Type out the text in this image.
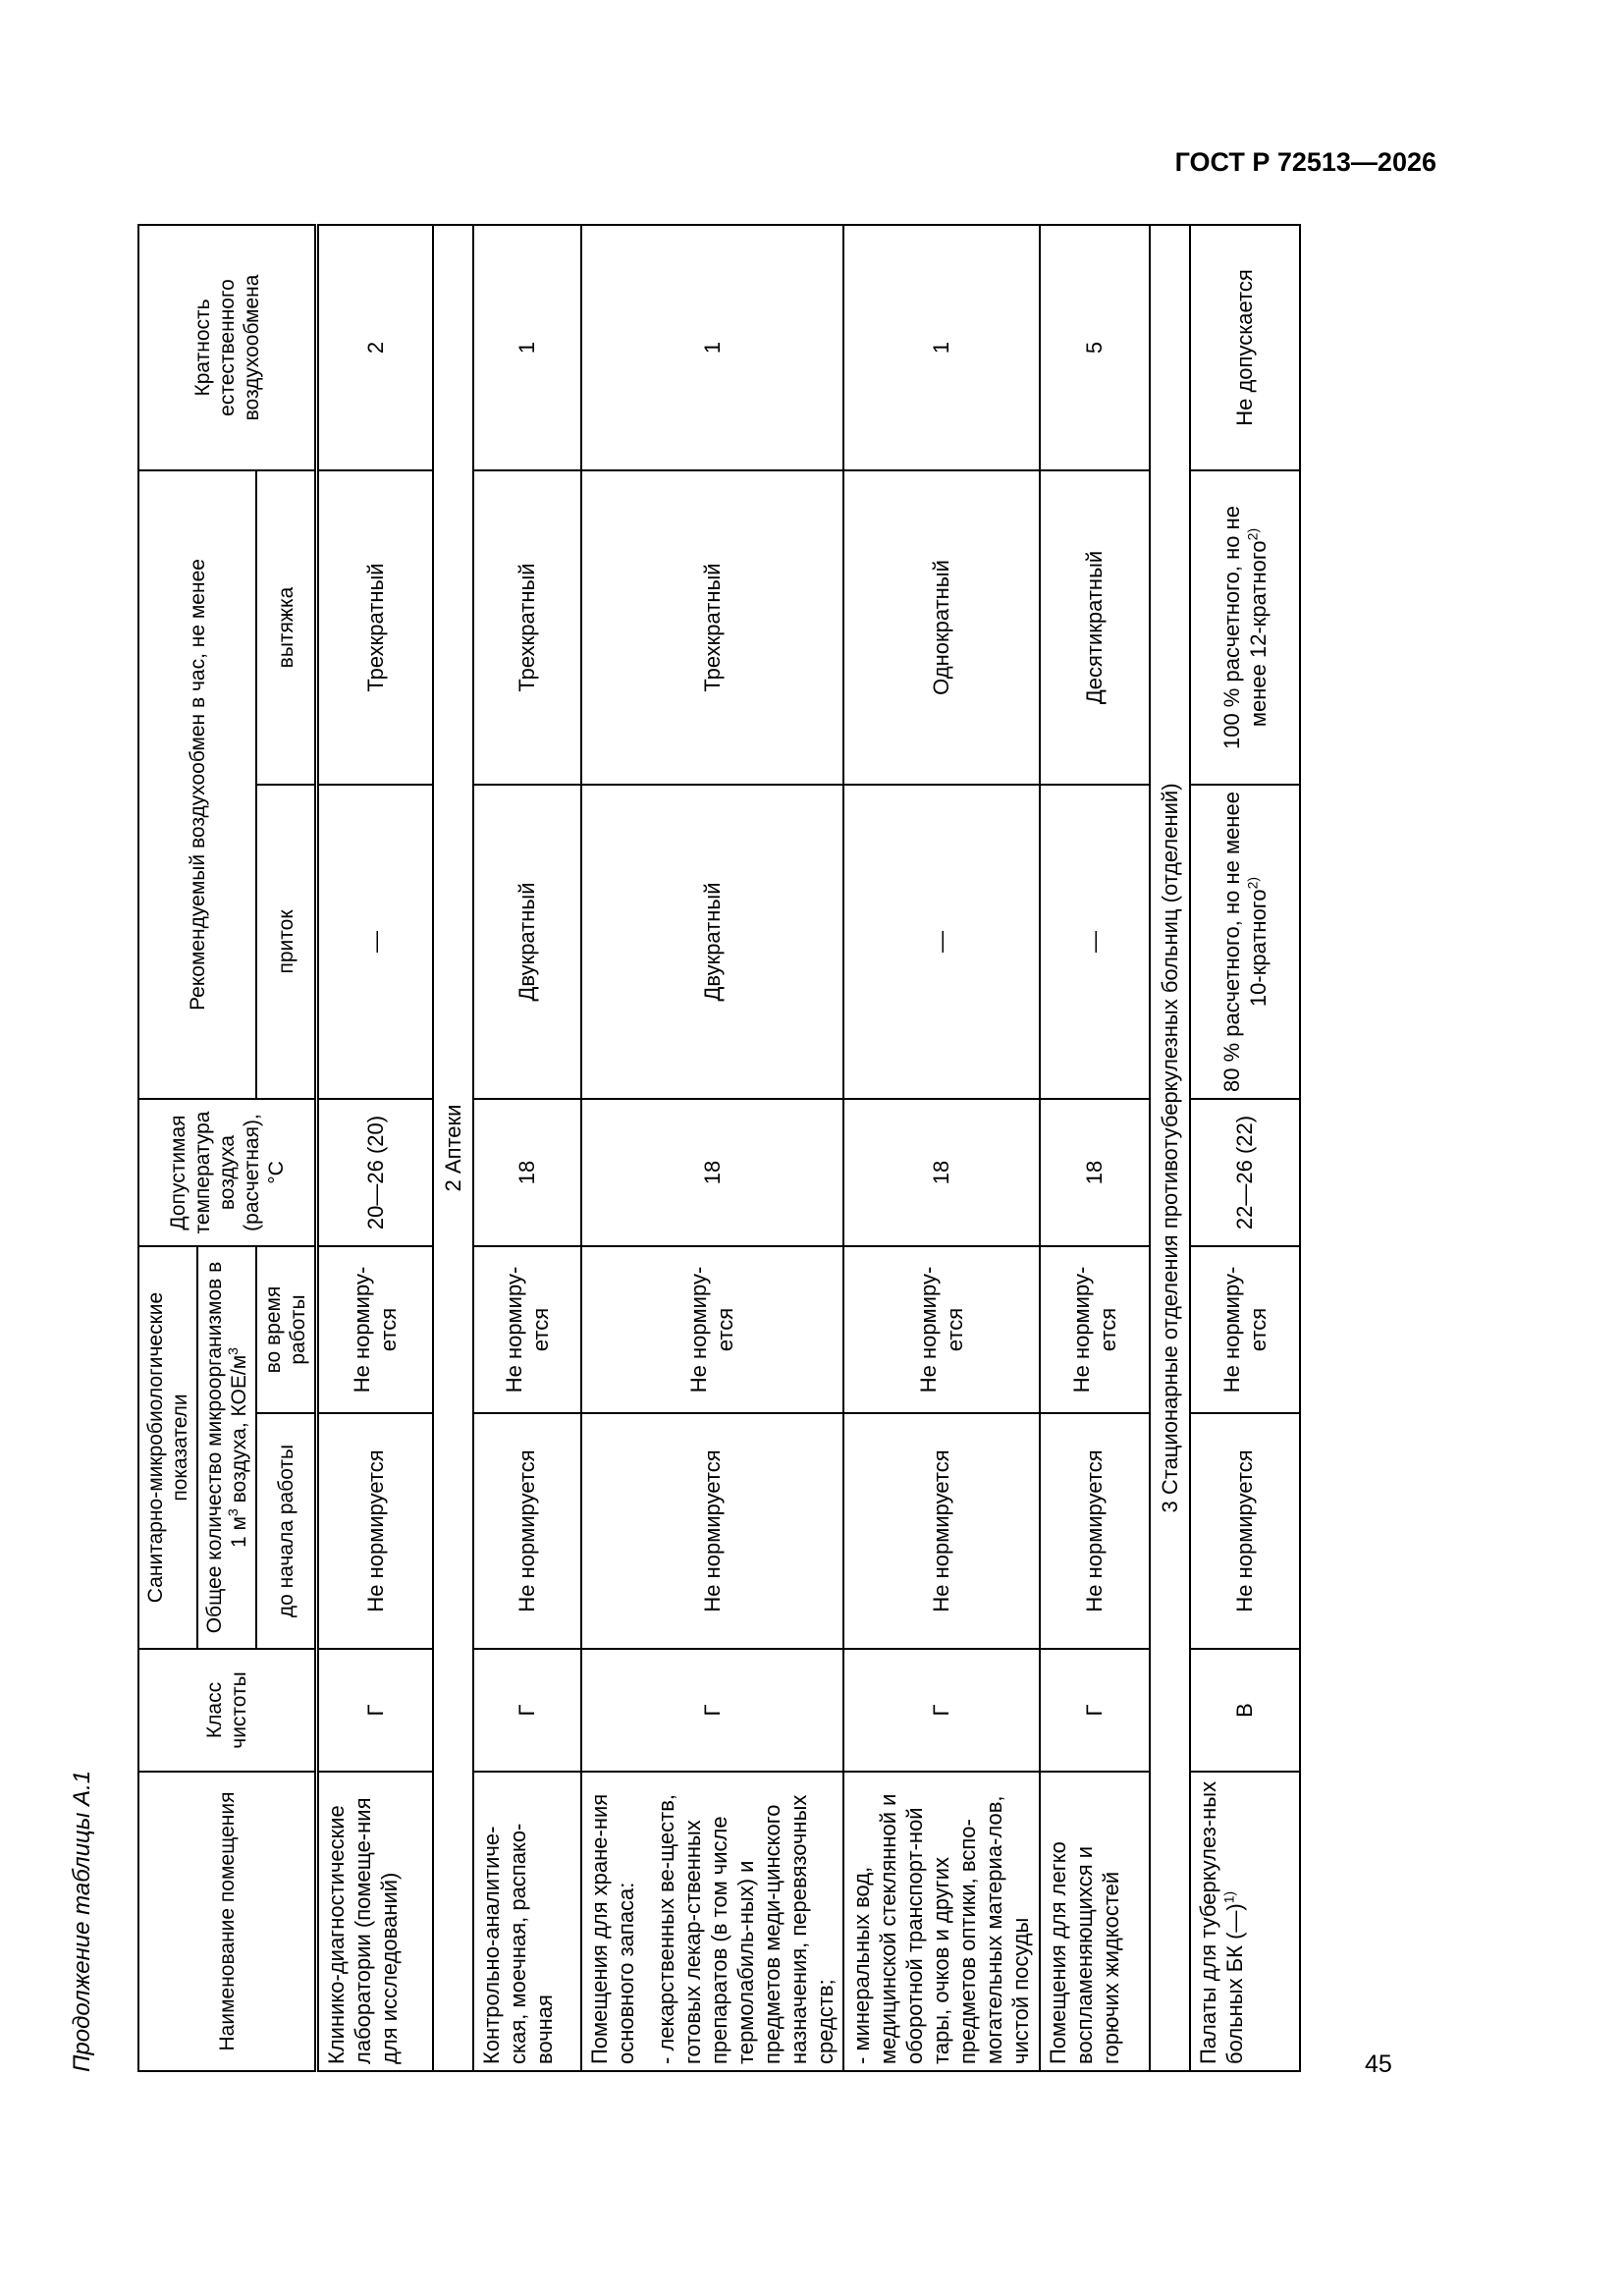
ГОСТ Р 72513—2026
Продолжение таблицы А.1	Наименование помещения	Класс чистоты	Санитарно-микробиологические показатели		Допустимая температура воздуха (расчетная), °С	Рекомендуемый воздухообмен в час, не менее		Кратность естественного воздухообмена
		Общее количество микроорганизмов в 1 $м^3$ воздуха, КОЕ/$м^3$
		до начала работы	во время работы		приток	вытяжка	
Клинико-диагностические лаборатории (помеще-ния для исследований)	Г	Не нормируется	Не нормиру-ется	20—26 (20)	—	Трехкратный	2
2 Аптеки							
Контрольно-аналитиче-ская, моечная, распако-вочная	Г	Не нормируется	Не нормиру-ется	18	Двукратный	Трехкратный	1

Помещения для хране-ния основного запаса: - лекарственных ве-ществ, готовых лекар-ственных препаратов (в том числе термолабиль-ных) и предметов меди-цинского назначения, перевязочных средств;	Г	Не нормируется	Не нормиру-ется	18	Двукратный	Трехкратный	1
- минеральных вод, медицинской стеклянной и оборотной транспорт-ной тары, очков и других предметов оптики, вспо-могательных материа-лов, чистой посуды	Г	Не нормируется	Не нормиру-ется	18	—	Однократный	1
Помещения для легко воспламеняющихся и горючих жидкостей	Г	Не нормируется	Не нормиру-ется	18	—	Десятикратный	5
3 Стационарные отделения противотуберкулезных больниц (отделений)							
Палаты для туберкулез-ных больных БК (—)$^{1)}$	В	Не нормируется	Не нормиру-ется	22—26 (22)	80 % расчетного, но не менее 10-кратного$^{2)}$	100 % расчетного, но не менее 12-кратного$^{2)}$	Не допускается
45
